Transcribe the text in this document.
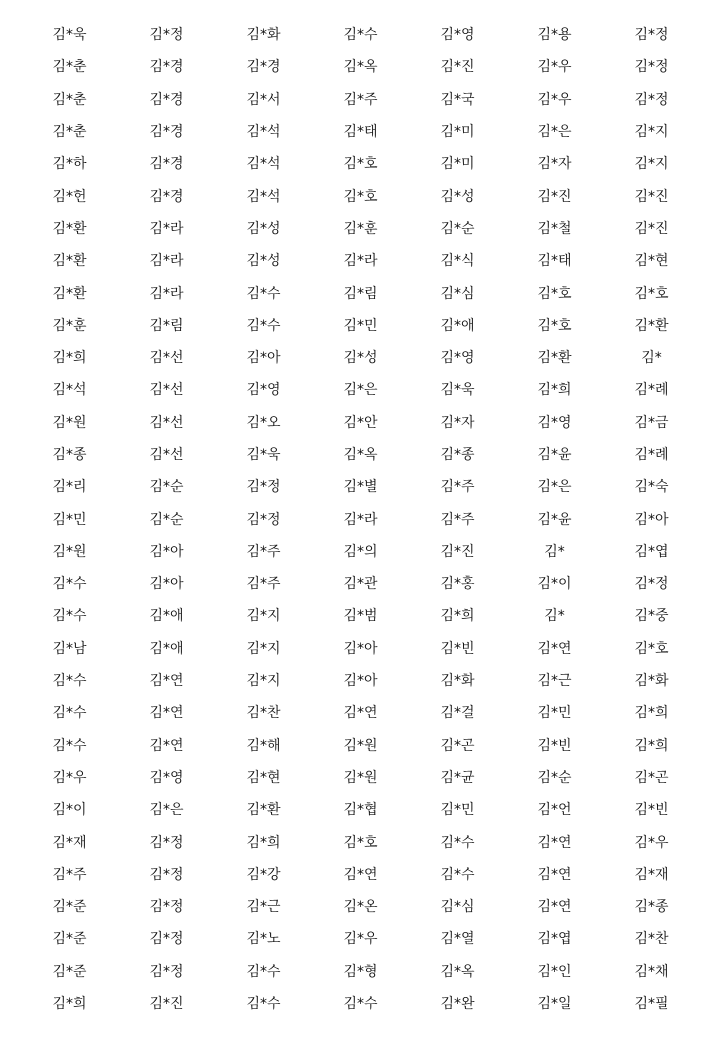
김*욱	김*정	김*화	김*수	김*영	김*용	김*정
김*춘	김*경	김*경	김*옥	김*진	김*우	김*정
김*춘	김*경	김*서	김*주	김*국	김*우	김*정
김*춘	김*경	김*석	김*태	김*미	김*은	김*지
김*하	김*경	김*석	김*호	김*미	김*자	김*지
김*헌	김*경	김*석	김*호	김*성	김*진	김*진
김*환	김*라	김*성	김*훈	김*순	김*철	김*진
김*환	김*라	김*성	김*라	김*식	김*태	김*현
김*환	김*라	김*수	김*림	김*심	김*호	김*호
김*훈	김*림	김*수	김*민	김*애	김*호	김*환
김*희	김*선	김*아	김*성	김*영	김*환	김*
김*석	김*선	김*영	김*은	김*욱	김*희	김*례
김*원	김*선	김*오	김*안	김*자	김*영	김*금
김*종	김*선	김*욱	김*옥	김*종	김*윤	김*례
김*리	김*순	김*정	김*별	김*주	김*은	김*숙
김*민	김*순	김*정	김*라	김*주	김*윤	김*아
김*원	김*아	김*주	김*의	김*진	김*	김*엽
김*수	김*아	김*주	김*관	김*홍	김*이	김*정
김*수	김*애	김*지	김*범	김*희	김*	김*중
김*남	김*애	김*지	김*아	김*빈	김*연	김*호
김*수	김*연	김*지	김*아	김*화	김*근	김*화
김*수	김*연	김*찬	김*연	김*걸	김*민	김*희
김*수	김*연	김*해	김*원	김*곤	김*빈	김*희
김*우	김*영	김*현	김*원	김*균	김*순	김*곤
김*이	김*은	김*환	김*협	김*민	김*언	김*빈
김*재	김*정	김*희	김*호	김*수	김*연	김*우
김*주	김*정	김*강	김*연	김*수	김*연	김*재
김*준	김*정	김*근	김*온	김*심	김*연	김*종
김*준	김*정	김*노	김*우	김*열	김*엽	김*찬
김*준	김*정	김*수	김*형	김*옥	김*인	김*채
김*희	김*진	김*수	김*수	김*완	김*일	김*필
